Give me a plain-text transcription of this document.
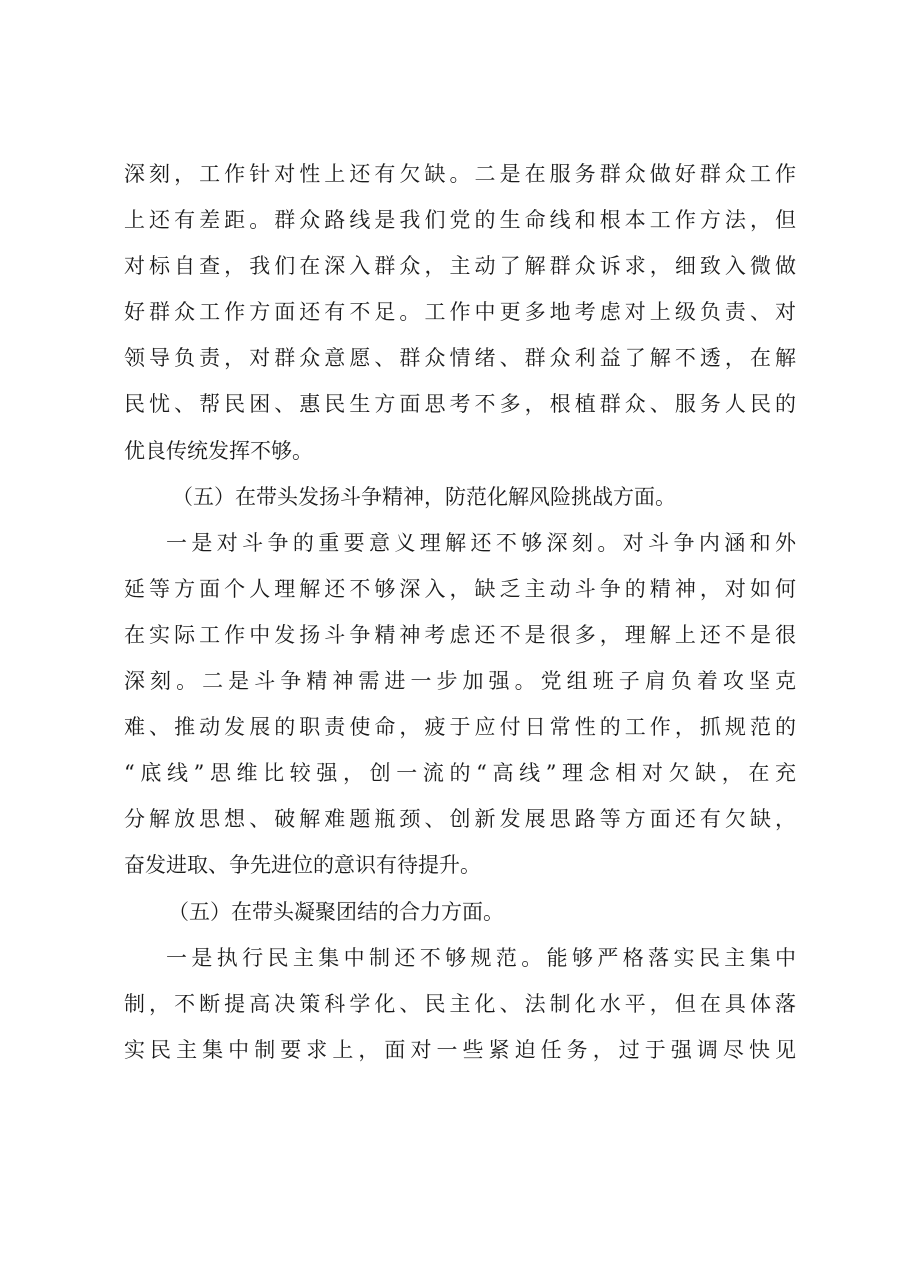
深刻，工作针对性上还有欠缺。二是在服务群众做好群众工作
上还有差距。群众路线是我们党的生命线和根本工作方法，但
对标自查，我们在深入群众，主动了解群众诉求，细致入微做
好群众工作方面还有不足。工作中更多地考虑对上级负责、对
领导负责，对群众意愿、群众情绪、群众利益了解不透，在解
民忧、帮民困、惠民生方面思考不多，根植群众、服务人民的
优良传统发挥不够。
（五）在带头发扬斗争精神，防范化解风险挑战方面。
一是对斗争的重要意义理解还不够深刻。对斗争内涵和外
延等方面个人理解还不够深入，缺乏主动斗争的精神，对如何
在实际工作中发扬斗争精神考虑还不是很多，理解上还不是很
深刻。二是斗争精神需进一步加强。党组班子肩负着攻坚克
难、推动发展的职责使命，疲于应付日常性的工作，抓规范的
“底线”思维比较强，创一流的“高线”理念相对欠缺，在充
分解放思想、破解难题瓶颈、创新发展思路等方面还有欠缺，
奋发进取、争先进位的意识有待提升。
（五）在带头凝聚团结的合力方面。
一是执行民主集中制还不够规范。能够严格落实民主集中
制，不断提高决策科学化、民主化、法制化水平，但在具体落
实民主集中制要求上，面对一些紧迫任务，过于强调尽快见
